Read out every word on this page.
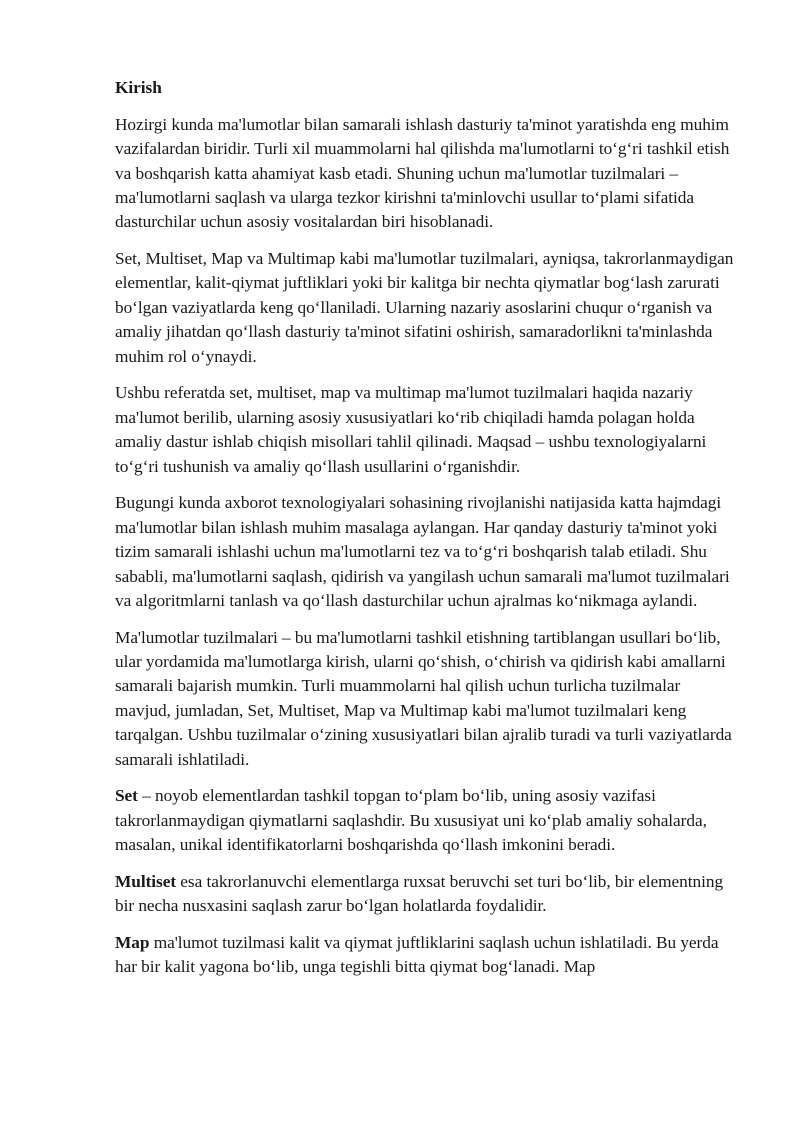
Kirish

Hozirgi kunda ma'lumotlar bilan samarali ishlash dasturiy ta'minot yaratishda eng muhim vazifalardan biridir. Turli xil muammolarni hal qilishda ma'lumotlarni to‘g‘ri tashkil etish va boshqarish katta ahamiyat kasb etadi. Shuning uchun ma'lumotlar tuzilmalari – ma'lumotlarni saqlash va ularga tezkor kirishni ta'minlovchi usullar to‘plami sifatida dasturchilar uchun asosiy vositalardan biri hisoblanadi.

Set, Multiset, Map va Multimap kabi ma'lumotlar tuzilmalari, ayniqsa, takrorlanmaydigan elementlar, kalit-qiymat juftliklari yoki bir kalitga bir nechta qiymatlar bog‘lash zarurati bo‘lgan vaziyatlarda keng qo‘llaniladi. Ularning nazariy asoslarini chuqur o‘rganish va amaliy jihatdan qo‘llash dasturiy ta'minot sifatini oshirish, samaradorlikni ta'minlashda muhim rol o‘ynaydi.

Ushbu referatda set, multiset, map va multimap ma'lumot tuzilmalari haqida nazariy ma'lumot berilib, ularning asosiy xususiyatlari ko‘rib chiqiladi hamda polagan holda amaliy dastur ishlab chiqish misollari tahlil qilinadi. Maqsad – ushbu texnologiyalarni to‘g‘ri tushunish va amaliy qo‘llash usullarini o‘rganishdir.

Bugungi kunda axborot texnologiyalari sohasining rivojlanishi natijasida katta hajmdagi ma'lumotlar bilan ishlash muhim masalaga aylangan. Har qanday dasturiy ta'minot yoki tizim samarali ishlashi uchun ma'lumotlarni tez va to‘g‘ri boshqarish talab etiladi. Shu sababli, ma'lumotlarni saqlash, qidirish va yangilash uchun samarali ma'lumot tuzilmalari va algoritmlarni tanlash va qo‘llash dasturchilar uchun ajralmas ko‘nikmaga aylandi.

Ma'lumotlar tuzilmalari – bu ma'lumotlarni tashkil etishning tartiblangan usullari bo‘lib, ular yordamida ma'lumotlarga kirish, ularni qo‘shish, o‘chirish va qidirish kabi amallarni samarali bajarish mumkin. Turli muammolarni hal qilish uchun turlicha tuzilmalar mavjud, jumladan, Set, Multiset, Map va Multimap kabi ma'lumot tuzilmalari keng tarqalgan. Ushbu tuzilmalar o‘zining xususiyatlari bilan ajralib turadi va turli vaziyatlarda samarali ishlatiladi.

Set – noyob elementlardan tashkil topgan to‘plam bo‘lib, uning asosiy vazifasi takrorlanmaydigan qiymatlarni saqlashdir. Bu xususiyat uni ko‘plab amaliy sohalarda, masalan, unikal identifikatorlarni boshqarishda qo‘llash imkonini beradi.

Multiset esa takrorlanuvchi elementlarga ruxsat beruvchi set turi bo‘lib, bir elementning bir necha nusxasini saqlash zarur bo‘lgan holatlarda foydalidir.

Map ma'lumot tuzilmasi kalit va qiymat juftliklarini saqlash uchun ishlatiladi. Bu yerda har bir kalit yagona bo‘lib, unga tegishli bitta qiymat bog‘lanadi. Map
